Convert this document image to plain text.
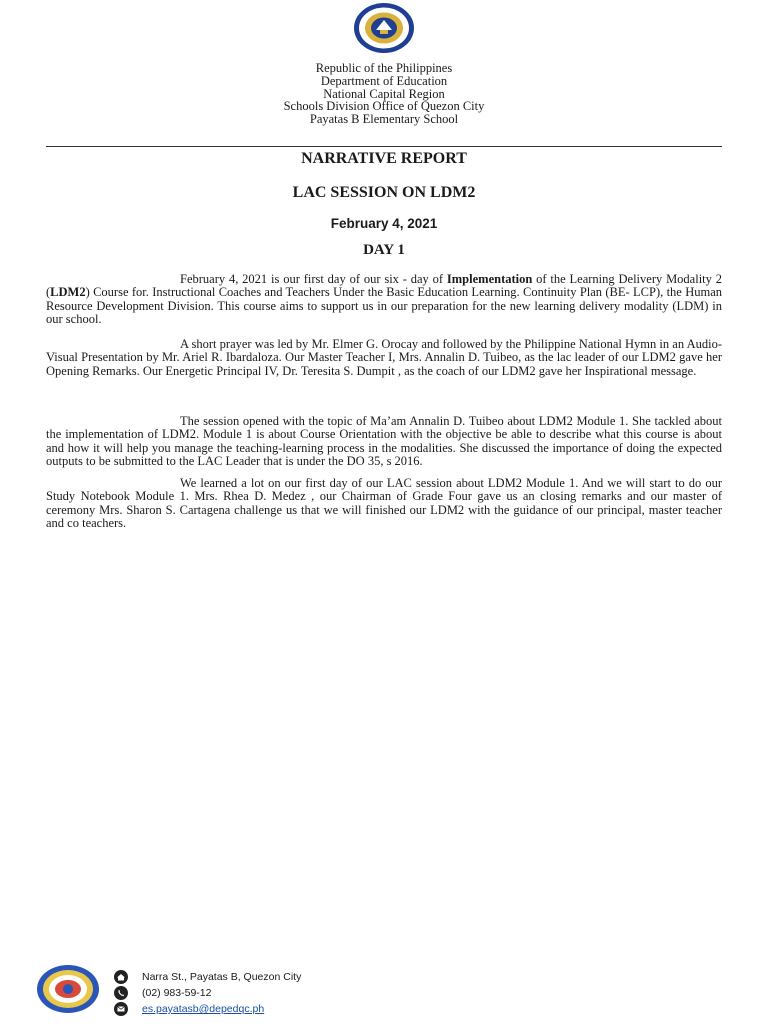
Republic of the Philippines
Department of Education
National Capital Region
Schools Division Office of Quezon City
Payatas B Elementary School
NARRATIVE REPORT
LAC SESSION ON LDM2
February 4, 2021
DAY 1
February 4, 2021 is our first day of our six - day of Implementation of the Learning Delivery Modality 2 (LDM2) Course for. Instructional Coaches and Teachers Under the Basic Education Learning. Continuity Plan (BE- LCP), the Human Resource Development Division. This course aims to support us in our preparation for the new learning delivery modality (LDM) in our school.
A short prayer was led by Mr. Elmer G. Orocay and followed by the Philippine National Hymn in an Audio-Visual Presentation by Mr. Ariel R. Ibardaloza. Our Master Teacher I, Mrs. Annalin D. Tuibeo, as the lac leader of our LDM2 gave her Opening Remarks. Our Energetic Principal IV, Dr. Teresita S. Dumpit , as the coach of our LDM2 gave her Inspirational message.
The session opened with the topic of Ma’am Annalin D. Tuibeo about LDM2 Module 1. She tackled about the implementation of LDM2. Module 1 is about Course Orientation with the objective be able to describe what this course is about and how it will help you manage the teaching-learning process in the modalities. She discussed the importance of doing the expected outputs to be submitted to the LAC Leader that is under the DO 35, s 2016.
We learned a lot on our first day of our LAC session about LDM2 Module 1. And we will start to do our Study Notebook Module 1. Mrs. Rhea D. Medez , our Chairman of Grade Four gave us an closing remarks and our master of ceremony Mrs. Sharon S. Cartagena challenge us that we will finished our LDM2 with the guidance of our principal, master teacher and co teachers.
Narra St., Payatas B, Quezon City
(02) 983-59-12
es.payatasb@depedqc.ph
